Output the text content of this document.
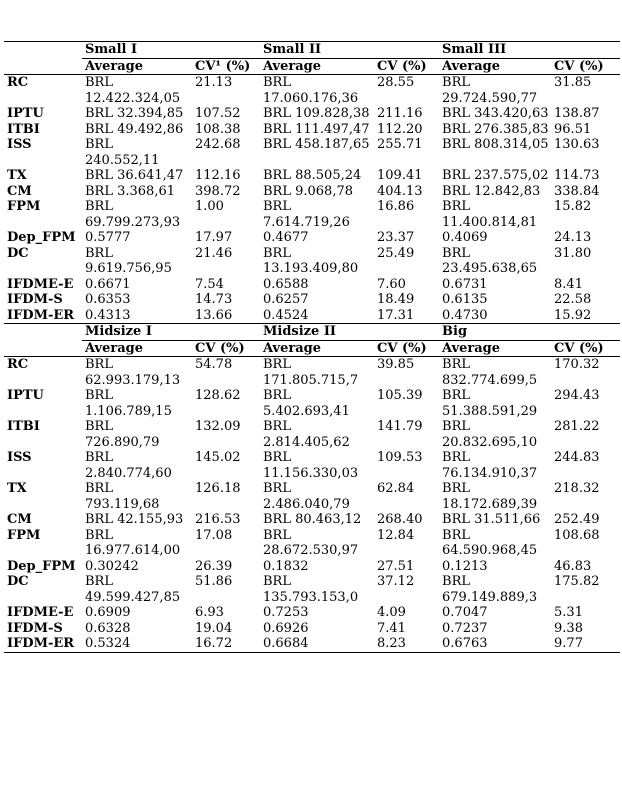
	Small I		Small II		Small III	
	Average	CV¹ (%)	Average	CV (%)	Average	CV (%)
RC	BRL 12.422.324,05	21.13	BRL 17.060.176,36	28.55	BRL 29.724.590,77	31.85
IPTU	BRL 32.394,85	107.52	BRL 109.828,38	211.16	BRL 343.420,63	138.87
ITBI	BRL 49.492,86	108.38	BRL 111.497,47	112.20	BRL 276.385,83	96.51
ISS	BRL 240.552,11	242.68	BRL 458.187,65	255.71	BRL 808.314,05	130.63
TX	BRL 36.641,47	112.16	BRL 88.505,24	109.41	BRL 237.575,02	114.73
CM	BRL 3.368,61	398.72	BRL 9.068,78	404.13	BRL 12.842,83	338.84
FPM	BRL 69.799.273,93	1.00	BRL 7.614.719,26	16.86	BRL 11.400.814,81	15.82
Dep_FPM	0.5777	17.97	0.4677	23.37	0.4069	24.13
DC	BRL 9.619.756,95	21.46	BRL 13.193.409,80	25.49	BRL 23.495.638,65	31.80
IFDME-E	0.6671	7.54	0.6588	7.60	0.6731	8.41
IFDM-S	0.6353	14.73	0.6257	18.49	0.6135	22.58
IFDM-ER	0.4313	13.66	0.4524	17.31	0.4730	15.92
	Midsize I		Midsize II		Big	
	Average	CV (%)	Average	CV (%)	Average	CV (%)
RC	BRL 62.993.179,13	54.78	BRL 171.805.715,7	39.85	BRL 832.774.699,5	170.32
IPTU	BRL 1.106.789,15	128.62	BRL 5.402.693,41	105.39	BRL 51.388.591,29	294.43
ITBI	BRL 726.890,79	132.09	BRL 2.814.405,62	141.79	BRL 20.832.695,10	281.22
ISS	BRL 2.840.774,60	145.02	BRL 11.156.330,03	109.53	BRL 76.134.910,37	244.83
TX	BRL 793.119,68	126.18	BRL 2.486.040,79	62.84	BRL 18.172.689,39	218.32
CM	BRL 42.155,93	216.53	BRL 80.463,12	268.40	BRL 31.511,66	252.49
FPM	BRL 16.977.614,00	17.08	BRL 28.672.530,97	12.84	BRL 64.590.968,45	108.68
Dep_FPM	0.30242	26.39	0.1832	27.51	0.1213	46.83
DC	BRL 49.599.427,85	51.86	BRL 135.793.153,0	37.12	BRL 679.149.889,3	175.82
IFDME-E	0.6909	6.93	0.7253	4.09	0.7047	5.31
IFDM-S	0.6328	19.04	0.6926	7.41	0.7237	9.38
IFDM-ER	0.5324	16.72	0.6684	8.23	0.6763	9.77
